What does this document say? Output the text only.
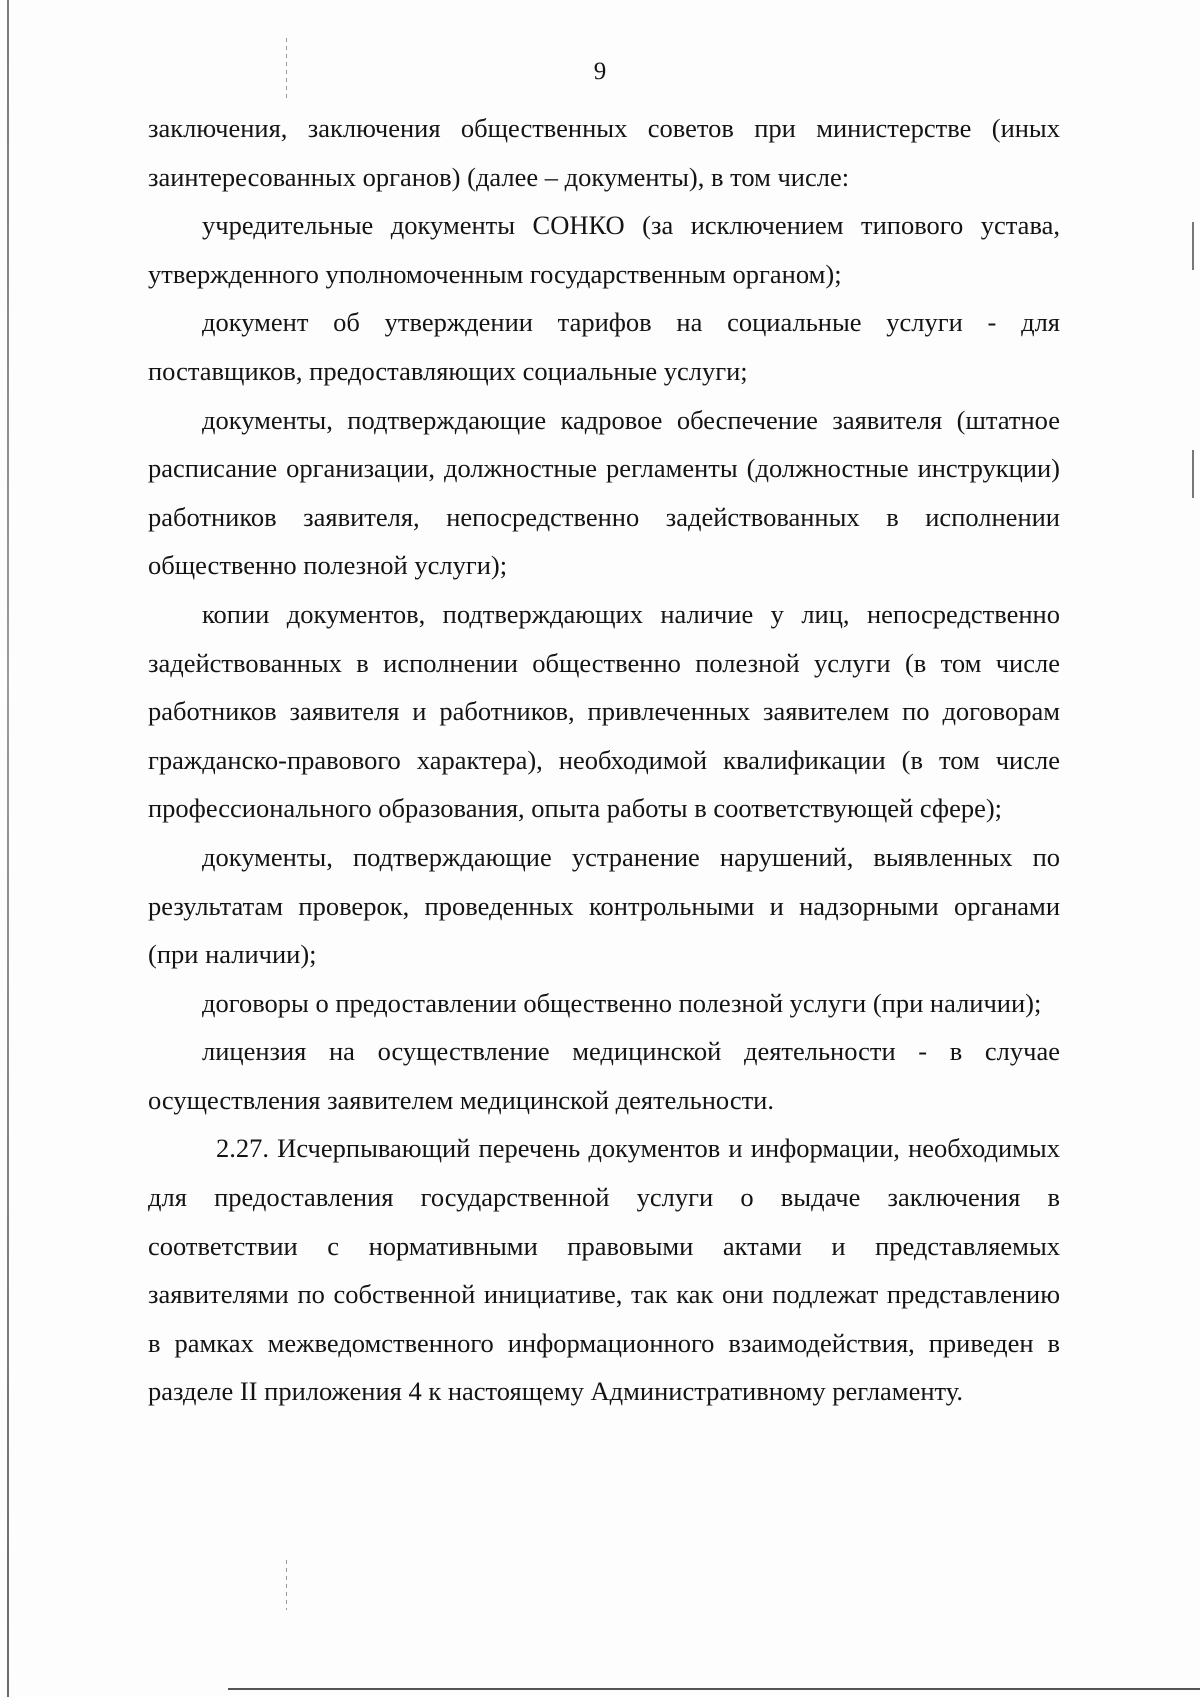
9

заключения, заключения общественных советов при министерстве (иных заинтересованных органов) (далее – документы), в том числе:

учредительные документы СОНКО (за исключением типового устава, утвержденного уполномоченным государственным органом);

документ об утверждении тарифов на социальные услуги - для поставщиков, предоставляющих социальные услуги;

документы, подтверждающие кадровое обеспечение заявителя (штатное расписание организации, должностные регламенты (должностные инструкции) работников заявителя, непосредственно задействованных в исполнении общественно полезной услуги);

копии документов, подтверждающих наличие у лиц, непосредственно задействованных в исполнении общественно полезной услуги (в том числе работников заявителя и работников, привлеченных заявителем по договорам гражданско-правового характера), необходимой квалификации (в том числе профессионального образования, опыта работы в соответствующей сфере);

документы, подтверждающие устранение нарушений, выявленных по результатам проверок, проведенных контрольными и надзорными органами (при наличии);

договоры о предоставлении общественно полезной услуги (при наличии);

лицензия на осуществление медицинской деятельности - в случае осуществления заявителем медицинской деятельности.

2.27. Исчерпывающий перечень документов и информации, необходимых для предоставления государственной услуги о выдаче заключения в соответствии с нормативными правовыми актами и представляемых заявителями по собственной инициативе, так как они подлежат представлению в рамках межведомственного информационного взаимодействия, приведен в разделе II приложения 4 к настоящему Административному регламенту.
